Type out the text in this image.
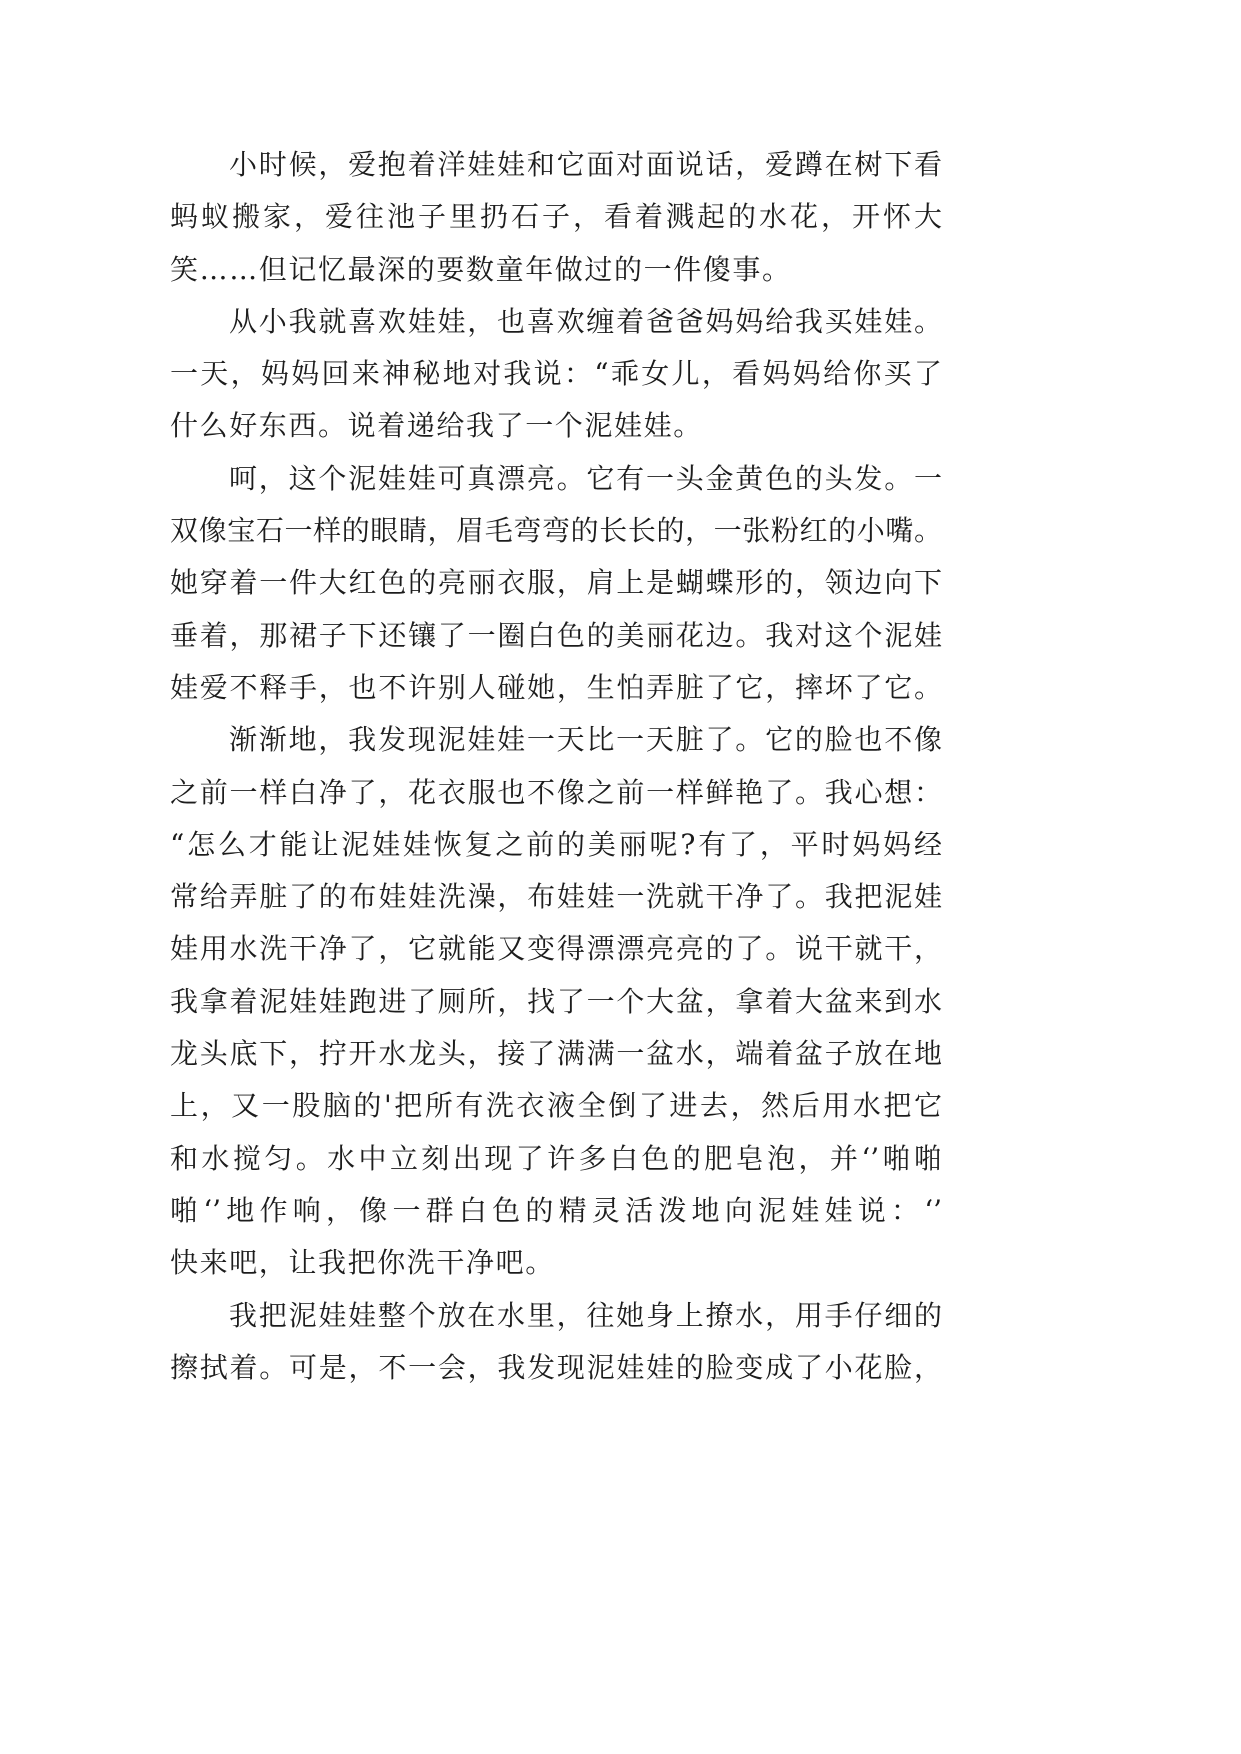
小时候，爱抱着洋娃娃和它面对面说话，爱蹲在树下看
蚂蚁搬家，爱往池子里扔石子，看着溅起的水花，开怀大
笑……但记忆最深的要数童年做过的一件傻事。
从小我就喜欢娃娃，也喜欢缠着爸爸妈妈给我买娃娃。
一天，妈妈回来神秘地对我说：“乖女儿，看妈妈给你买了
什么好东西。说着递给我了一个泥娃娃。
呵，这个泥娃娃可真漂亮。它有一头金黄色的头发。一
双像宝石一样的眼睛，眉毛弯弯的长长的，一张粉红的小嘴。
她穿着一件大红色的亮丽衣服，肩上是蝴蝶形的，领边向下
垂着，那裙子下还镶了一圈白色的美丽花边。我对这个泥娃
娃爱不释手，也不许别人碰她，生怕弄脏了它，摔坏了它。
渐渐地，我发现泥娃娃一天比一天脏了。它的脸也不像
之前一样白净了，花衣服也不像之前一样鲜艳了。我心想：
“怎么才能让泥娃娃恢复之前的美丽呢?有了，平时妈妈经
常给弄脏了的布娃娃洗澡，布娃娃一洗就干净了。我把泥娃
娃用水洗干净了，它就能又变得漂漂亮亮的了。说干就干，
我拿着泥娃娃跑进了厕所，找了一个大盆，拿着大盆来到水
龙头底下，拧开水龙头，接了满满一盆水，端着盆子放在地
上，又一股脑的'把所有洗衣液全倒了进去，然后用水把它
和水搅匀。水中立刻出现了许多白色的肥皂泡，并‘’啪啪
啪‘’地作响，像一群白色的精灵活泼地向泥娃娃说：‘’
快来吧，让我把你洗干净吧。
我把泥娃娃整个放在水里，往她身上撩水，用手仔细的
擦拭着。可是，不一会，我发现泥娃娃的脸变成了小花脸，
